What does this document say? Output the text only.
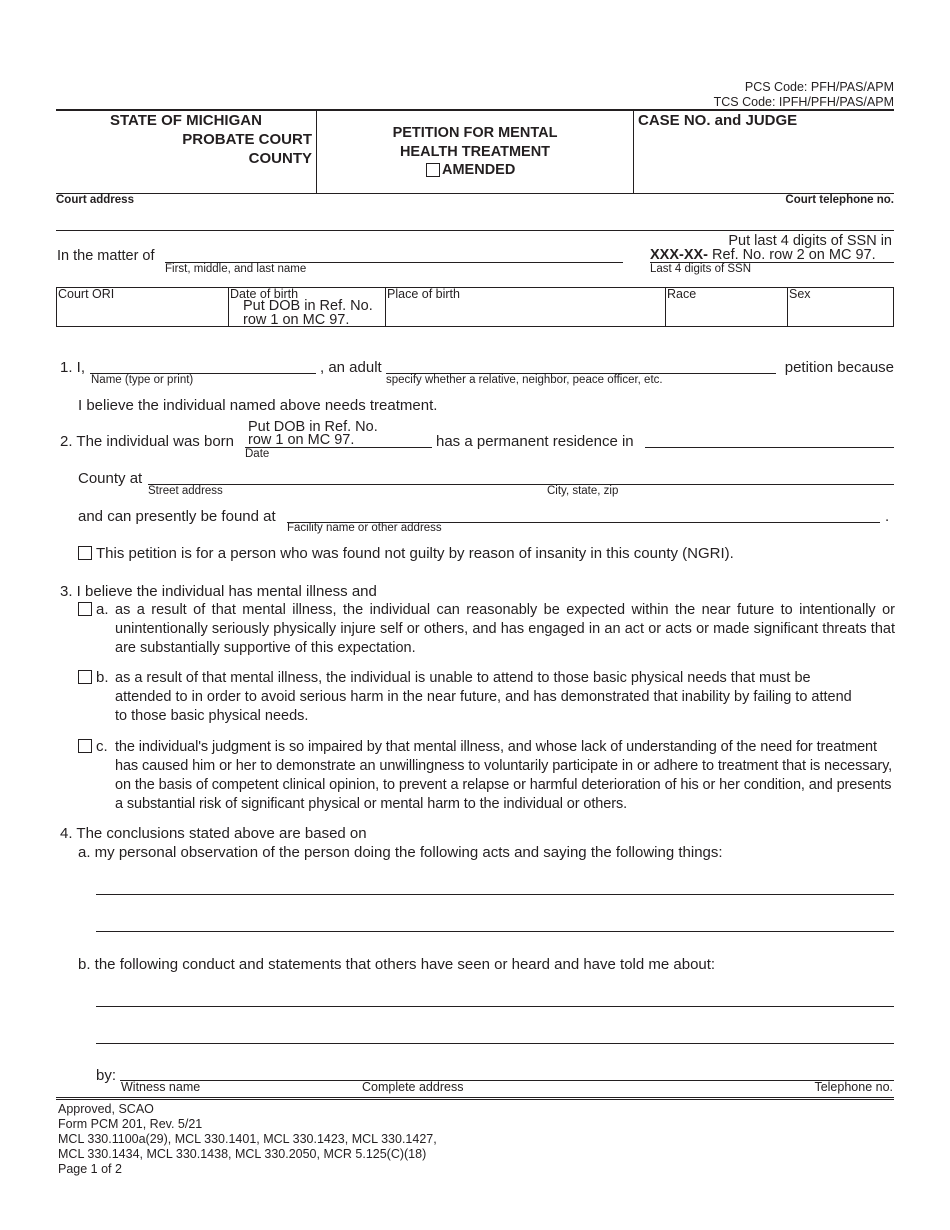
PCS Code: PFH/PAS/APM
TCS Code: IPFH/PFH/PAS/APM
STATE OF MICHIGAN
PROBATE COURT
COUNTY
PETITION FOR MENTAL
HEALTH TREATMENT
AMENDED
CASE NO. and JUDGE
Court address	Court telephone no.
In the matter of
First, middle, and last name
Put last 4 digits of SSN in
XXX-XX- Ref. No. row 2 on MC 97.
Last 4 digits of SSN
Court ORI	Date of birth
Put DOB in Ref. No.
row 1 on MC 97.
Place of birth	Race	Sex
1. I,
Name (type or print)
, an adult
specify whether a relative, neighbor, peace officer, etc.
petition because
I believe the individual named above needs treatment.
2. The individual was born
Put DOB in Ref. No.
row 1 on MC 97.
Date
has a permanent residence in
County at
Street address	City, state, zip
and can presently be found at
Facility name or other address
.
This petition is for a person who was found not guilty by reason of insanity in this county (NGRI).
3. I believe the individual has mental illness and
a. as a result of that mental illness, the individual can reasonably be expected within the near future to intentionally or unintentionally seriously physically injure self or others, and has engaged in an act or acts or made significant threats that are substantially supportive of this expectation.
b. as a result of that mental illness, the individual is unable to attend to those basic physical needs that must be attended to in order to avoid serious harm in the near future, and has demonstrated that inability by failing to attend to those basic physical needs.
c. the individual's judgment is so impaired by that mental illness, and whose lack of understanding of the need for treatment has caused him or her to demonstrate an unwillingness to voluntarily participate in or adhere to treatment that is necessary, on the basis of competent clinical opinion, to prevent a relapse or harmful deterioration of his or her condition, and presents a substantial risk of significant physical or mental harm to the individual or others.
4. The conclusions stated above are based on
a. my personal observation of the person doing the following acts and saying the following things:
b. the following conduct and statements that others have seen or heard and have told me about:
by:
Witness name	Complete address	Telephone no.
Approved, SCAO
Form PCM 201, Rev. 5/21
MCL 330.1100a(29), MCL 330.1401, MCL 330.1423, MCL 330.1427,
MCL 330.1434, MCL 330.1438, MCL 330.2050, MCR 5.125(C)(18)
Page 1 of 2
